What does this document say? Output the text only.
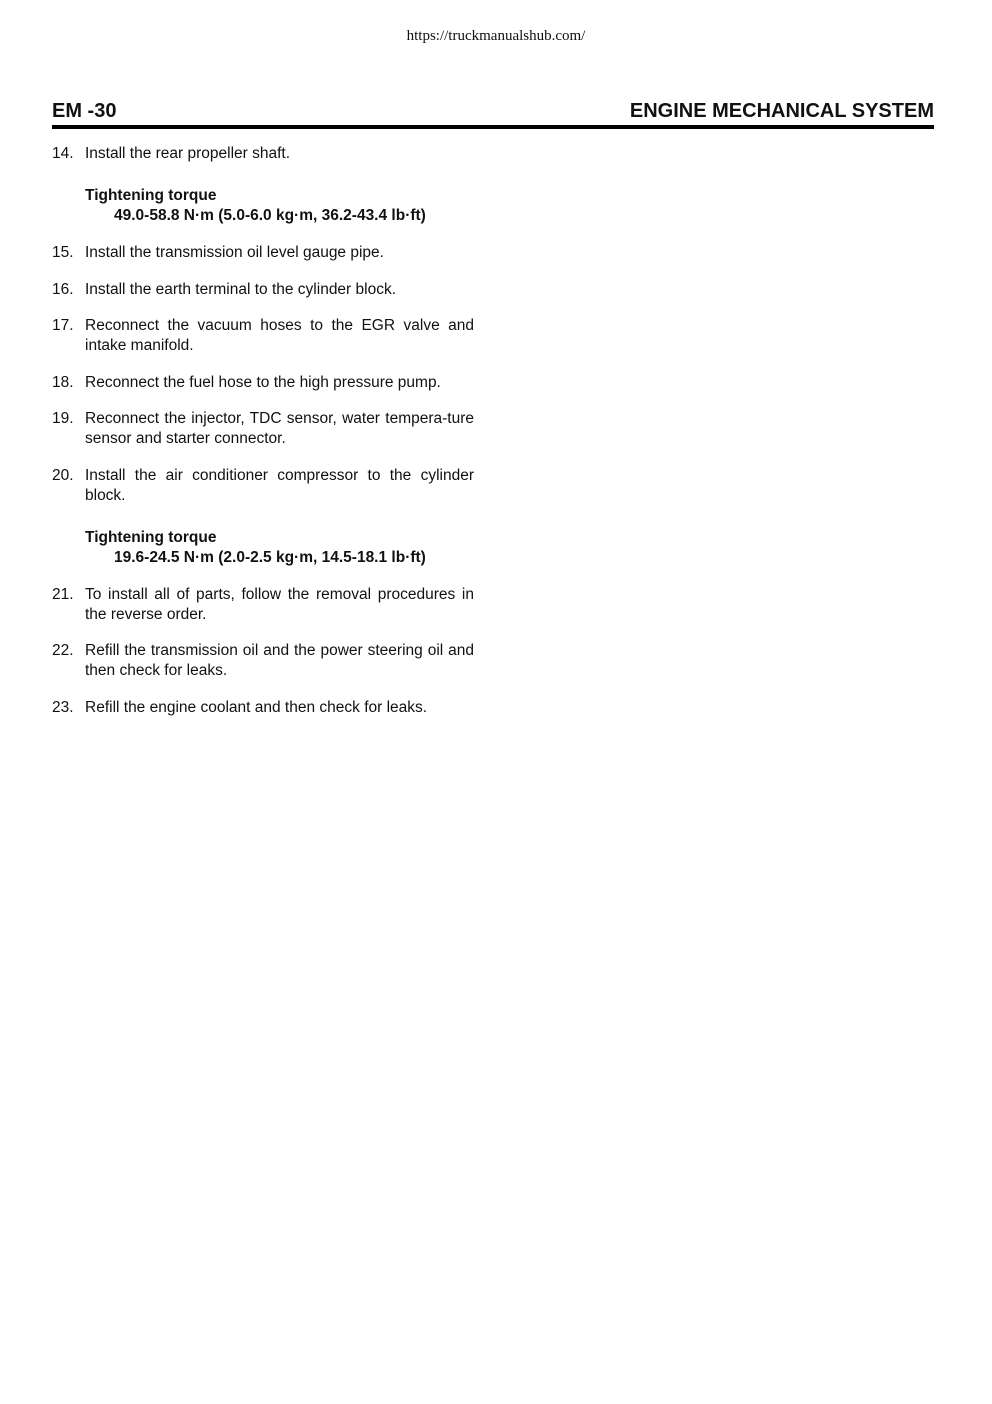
https://truckmanualshub.com/
EM -30	ENGINE MECHANICAL SYSTEM
14. Install the rear propeller shaft.
Tightening torque
49.0-58.8 N·m (5.0-6.0 kg·m, 36.2-43.4 lb·ft)
15. Install the transmission oil level gauge pipe.
16. Install the earth terminal to the cylinder block.
17. Reconnect the vacuum hoses to the EGR valve and intake manifold.
18. Reconnect the fuel hose to the high pressure pump.
19. Reconnect the injector, TDC sensor, water tempera-ture sensor and starter connector.
20. Install the air conditioner compressor to the cylinder block.
Tightening torque
19.6-24.5 N·m (2.0-2.5 kg·m, 14.5-18.1 lb·ft)
21. To install all of parts, follow the removal procedures in the reverse order.
22. Refill the transmission oil and the power steering oil and then check for leaks.
23. Refill the engine coolant and then check for leaks.
